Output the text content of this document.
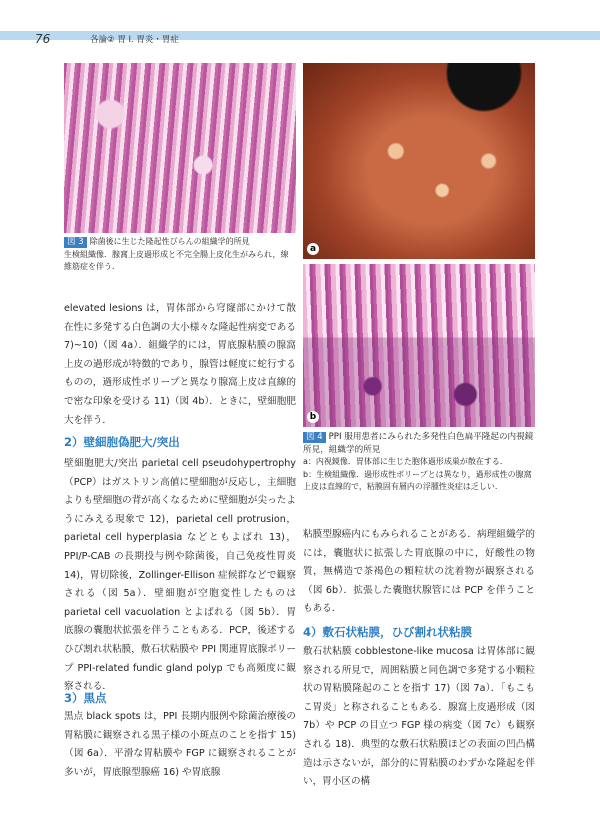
76	各論② 胃 Ⅰ. 胃炎・胃症
図 3 除菌後に生じた隆起性びらんの組織学的所見
生検組織像．腺窩上皮過形成と不完全腸上皮化生がみられ，線維筋症を伴う．
a
b
図 4 PPI 服用患者にみられた多発性白色扁平隆起の内視鏡所見，組織学的所見
a：内視鏡像．胃体部に生じた胞体過形成巣が散在する．
b：生検組織像．過形成性ポリープとは異なり，過形成性の腺窩上皮は直線的で，粘膜固有層内の浮腫性炎症は乏しい．
elevated lesions は，胃体部から穹窿部にかけて散在性に多発する白色調の大小様々な隆起性病変である 7)~10)（図 4a）．組織学的には，胃底腺粘膜の腺窩上皮の過形成が特徴的であり，腺管は軽度に蛇行するものの，過形成性ポリープと異なり腺窩上皮は直線的で密な印象を受ける 11)（図 4b）．ときに，壁細胞肥大を伴う．
2）壁細胞偽肥大/突出
壁細胞肥大/突出 parietal cell pseudohypertrophy（PCP）はガストリン高値に壁細胞が反応し，主細胞よりも壁細胞の背が高くなるために壁細胞が尖ったようにみえる現象で 12)，parietal cell protrusion，parietal cell hyperplasia などともよばれ 13)，PPI/P-CAB の長期投与例や除菌後，自己免疫性胃炎 14)，胃切除後，Zollinger-Ellison 症候群などで観察される（図 5a）．壁細胞が空胞変性したものは parietal cell vacuolation とよばれる（図 5b）．胃底腺の囊胞状拡張を伴うこともある．PCP，後述するひび割れ状粘膜，敷石状粘膜や PPI 関連胃底腺ポリープ PPI-related fundic gland polyp でも高頻度に観察される．
3）黒点
黒点 black spots は，PPI 長期内服例や除菌治療後の胃粘膜に観察される黒子様の小斑点のことを指す 15)（図 6a）．平滑な胃粘膜や FGP に観察されることが多いが，胃底腺型腺癌 16) や胃底腺
粘膜型腺癌内にもみられることがある．病理組織学的には，囊胞状に拡張した胃底腺の中に，好酸性の物質，無構造で茶褐色の顆粒状の沈着物が観察される（図 6b）．拡張した囊胞状腺管には PCP を伴うこともある．
4）敷石状粘膜，ひび割れ状粘膜
敷石状粘膜 cobblestone-like mucosa は胃体部に観察される所見で，周囲粘膜と同色調で多発する小顆粒状の胃粘膜隆起のことを指す 17)（図 7a）．「もこもこ胃炎」と称されることもある．腺窩上皮過形成（図 7b）や PCP の目立つ FGP 様の病変（図 7c）も観察される 18)．典型的な敷石状粘膜ほどの表面の凹凸構造は示さないが，部分的に胃粘膜のわずかな隆起を伴い，胃小区の構
